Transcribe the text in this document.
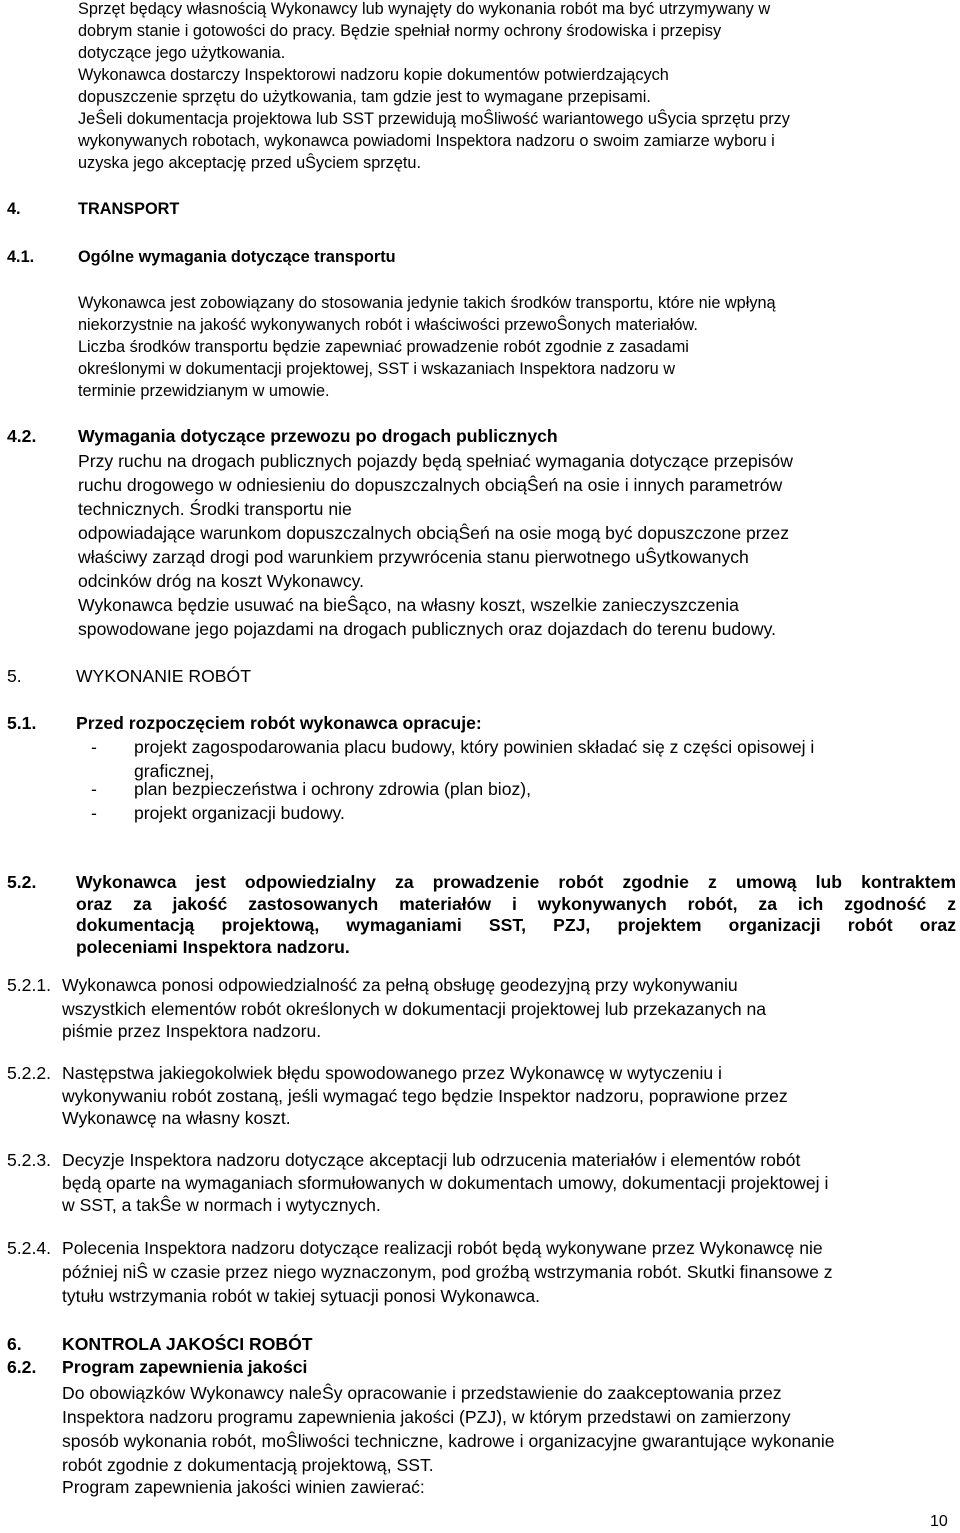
Sprzęt będący własnością Wykonawcy lub wynajęty do wykonania robót ma być utrzymywany w
dobrym stanie i gotowości do pracy. Będzie spełniał normy ochrony środowiska i przepisy
dotyczące jego użytkowania.
Wykonawca dostarczy Inspektorowi nadzoru kopie dokumentów potwierdzających
dopuszczenie sprzętu do użytkowania, tam gdzie jest to wymagane przepisami.
JeŜeli dokumentacja projektowa lub SST przewidują moŜliwość wariantowego uŜycia sprzętu przy
wykonywanych robotach, wykonawca powiadomi Inspektora nadzoru o swoim zamiarze wyboru i
uzyska jego akceptację przed uŜyciem sprzętu.
4.	TRANSPORT
4.1.	Ogólne wymagania dotyczące transportu
Wykonawca jest zobowiązany do stosowania jedynie takich środków transportu, które nie wpłyną
niekorzystnie na jakość wykonywanych robót i właściwości przewoŜonych materiałów.
Liczba środków transportu będzie zapewniać prowadzenie robót zgodnie z zasadami
określonymi w dokumentacji projektowej, SST i wskazaniach Inspektora nadzoru w
terminie przewidzianym w umowie.
4.2. Wymagania dotyczące przewozu po drogach publicznych
Przy ruchu na drogach publicznych pojazdy będą spełniać wymagania dotyczące przepisów
ruchu drogowego w odniesieniu do dopuszczalnych obciąŜeń na osie i innych parametrów
technicznych. Środki transportu nie
odpowiadające warunkom dopuszczalnych obciąŜeń na osie mogą być dopuszczone przez
właściwy zarząd drogi pod warunkiem przywrócenia stanu pierwotnego uŜytkowanych
odcinków dróg na koszt Wykonawcy.
Wykonawca będzie usuwać na bieŜąco, na własny koszt, wszelkie zanieczyszczenia
spowodowane jego pojazdami na drogach publicznych oraz dojazdach do terenu budowy.
5.	WYKONANIE ROBÓT
5.1. Przed rozpoczęciem robót wykonawca opracuje:
- projekt zagospodarowania placu budowy, który powinien składać się z części opisowej i
graficznej,
- plan bezpieczeństwa i ochrony zdrowia (plan bioz),
- projekt organizacji budowy.
5.2. Wykonawca jest odpowiedzialny za prowadzenie robót zgodnie z umową lub kontraktem
oraz za jakość zastosowanych materiałów i wykonywanych robót, za ich zgodność z
dokumentacją projektową, wymaganiami SST, PZJ, projektem organizacji robót oraz
poleceniami Inspektora nadzoru.
5.2.1. Wykonawca ponosi odpowiedzialność za pełną obsługę geodezyjną przy wykonywaniu
wszystkich elementów robót określonych w dokumentacji projektowej lub przekazanych na
piśmie przez Inspektora nadzoru.
5.2.2. Następstwa jakiegokolwiek błędu spowodowanego przez Wykonawcę w wytyczeniu i
wykonywaniu robót zostaną, jeśli wymagać tego będzie Inspektor nadzoru, poprawione przez
Wykonawcę na własny koszt.
5.2.3. Decyzje Inspektora nadzoru dotyczące akceptacji lub odrzucenia materiałów i elementów robót
będą oparte na wymaganiach sformułowanych w dokumentach umowy, dokumentacji projektowej i
w SST, a takŜe w normach i wytycznych.
5.2.4. Polecenia Inspektora nadzoru dotyczące realizacji robót będą wykonywane przez Wykonawcę nie
później niŜ w czasie przez niego wyznaczonym, pod groźbą wstrzymania robót. Skutki finansowe z
tytułu wstrzymania robót w takiej sytuacji ponosi Wykonawca.
6. KONTROLA JAKOŚCI ROBÓT
6.2. Program zapewnienia jakości
Do obowiązków Wykonawcy naleŜy opracowanie i przedstawienie do zaakceptowania przez
Inspektora nadzoru programu zapewnienia jakości (PZJ), w którym przedstawi on zamierzony
sposób wykonania robót, moŜliwości techniczne, kadrowe i organizacyjne gwarantujące wykonanie
robót zgodnie z dokumentacją projektową, SST.
Program zapewnienia jakości winien zawierać:
10
